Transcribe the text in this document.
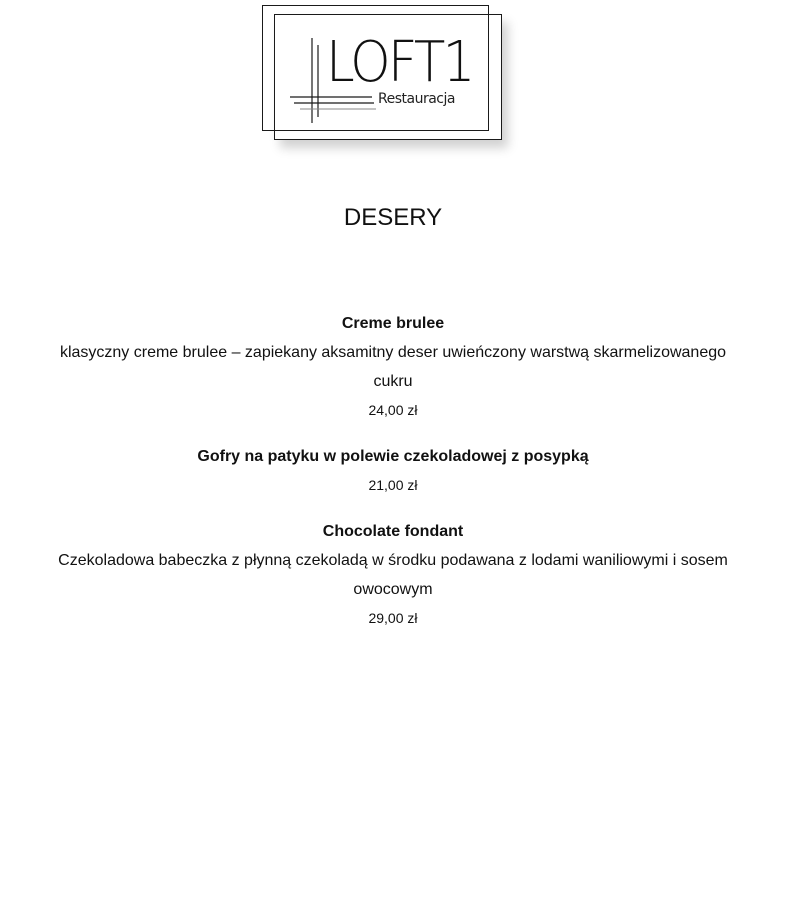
LOFT1
Restauracja
DESERY

Creme brulee

klasyczny creme brulee – zapiekany aksamitny deser uwieńczony warstwą skarmelizowanego cukru

24,00 zł

Gofry na patyku w polewie czekoladowej z posypką

21,00 zł

Chocolate fondant

Czekoladowa babeczka z płynną czekoladą w środku podawana z lodami waniliowymi i sosem owocowym

29,00 zł
